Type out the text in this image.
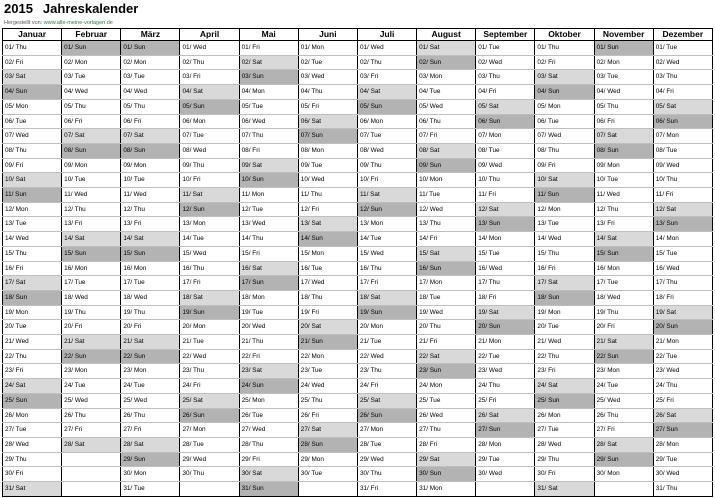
2015 Jahreskalender
Hergestellt von: www.alle-meine-vorlagen.de
Januar	Februar	März	April	Mai	Juni	Juli	August	September	Oktober	November	Dezember
01/ Thu	01/ Sun	01/ Sun	01/ Wed	01/ Fri	01/ Mon	01/ Wed	01/ Sat	01/ Tue	01/ Thu	01/ Sun	01/ Tue
02/ Fri	02/ Mon	02/ Mon	02/ Thu	02/ Sat	02/ Tue	02/ Thu	02/ Sun	02/ Wed	02/ Fri	02/ Mon	02/ Wed
03/ Sat	03/ Tue	03/ Tue	03/ Fri	03/ Sun	03/ Wed	03/ Fri	03/ Mon	03/ Thu	03/ Sat	03/ Tue	03/ Thu
04/ Sun	04/ Wed	04/ Wed	04/ Sat	04/ Mon	04/ Thu	04/ Sat	04/ Tue	04/ Fri	04/ Sun	04/ Wed	04/ Fri
05/ Mon	05/ Thu	05/ Thu	05/ Sun	05/ Tue	05/ Fri	05/ Sun	05/ Wed	05/ Sat	05/ Mon	05/ Thu	05/ Sat
06/ Tue	06/ Fri	06/ Fri	06/ Mon	06/ Wed	06/ Sat	06/ Mon	06/ Thu	06/ Sun	06/ Tue	06/ Fri	06/ Sun
07/ Wed	07/ Sat	07/ Sat	07/ Tue	07/ Thu	07/ Sun	07/ Tue	07/ Fri	07/ Mon	07/ Wed	07/ Sat	07/ Mon
08/ Thu	08/ Sun	08/ Sun	08/ Wed	08/ Fri	08/ Mon	08/ Wed	08/ Sat	08/ Tue	08/ Thu	08/ Sun	08/ Tue
09/ Fri	09/ Mon	09/ Mon	09/ Thu	09/ Sat	09/ Tue	09/ Thu	09/ Sun	09/ Wed	09/ Fri	09/ Mon	09/ Wed
10/ Sat	10/ Tue	10/ Tue	10/ Fri	10/ Sun	10/ Wed	10/ Fri	10/ Mon	10/ Thu	10/ Sat	10/ Tue	10/ Thu
11/ Sun	11/ Wed	11/ Wed	11/ Sat	11/ Mon	11/ Thu	11/ Sat	11/ Tue	11/ Fri	11/ Sun	11/ Wed	11/ Fri
12/ Mon	12/ Thu	12/ Thu	12/ Sun	12/ Tue	12/ Fri	12/ Sun	12/ Wed	12/ Sat	12/ Mon	12/ Thu	12/ Sat
13/ Tue	13/ Fri	13/ Fri	13/ Mon	13/ Wed	13/ Sat	13/ Mon	13/ Thu	13/ Sun	13/ Tue	13/ Fri	13/ Sun
14/ Wed	14/ Sat	14/ Sat	14/ Tue	14/ Thu	14/ Sun	14/ Tue	14/ Fri	14/ Mon	14/ Wed	14/ Sat	14/ Mon
15/ Thu	15/ Sun	15/ Sun	15/ Wed	15/ Fri	15/ Mon	15/ Wed	15/ Sat	15/ Tue	15/ Thu	15/ Sun	15/ Tue
16/ Fri	16/ Mon	16/ Mon	16/ Thu	16/ Sat	16/ Tue	16/ Thu	16/ Sun	16/ Wed	16/ Fri	16/ Mon	16/ Wed
17/ Sat	17/ Tue	17/ Tue	17/ Fri	17/ Sun	17/ Wed	17/ Fri	17/ Mon	17/ Thu	17/ Sat	17/ Tue	17/ Thu
18/ Sun	18/ Wed	18/ Wed	18/ Sat	18/ Mon	18/ Thu	18/ Sat	18/ Tue	18/ Fri	18/ Sun	18/ Wed	18/ Fri
19/ Mon	19/ Thu	19/ Thu	19/ Sun	19/ Tue	19/ Fri	19/ Sun	19/ Wed	19/ Sat	19/ Mon	19/ Thu	19/ Sat
20/ Tue	20/ Fri	20/ Fri	20/ Mon	20/ Wed	20/ Sat	20/ Mon	20/ Thu	20/ Sun	20/ Tue	20/ Fri	20/ Sun
21/ Wed	21/ Sat	21/ Sat	21/ Tue	21/ Thu	21/ Sun	21/ Tue	21/ Fri	21/ Mon	21/ Wed	21/ Sat	21/ Mon
22/ Thu	22/ Sun	22/ Sun	22/ Wed	22/ Fri	22/ Mon	22/ Wed	22/ Sat	22/ Tue	22/ Thu	22/ Sun	22/ Tue
23/ Fri	23/ Mon	23/ Mon	23/ Thu	23/ Sat	23/ Tue	23/ Thu	23/ Sun	23/ Wed	23/ Fri	23/ Mon	23/ Wed
24/ Sat	24/ Tue	24/ Tue	24/ Fri	24/ Sun	24/ Wed	24/ Fri	24/ Mon	24/ Thu	24/ Sat	24/ Tue	24/ Thu
25/ Sun	25/ Wed	25/ Wed	25/ Sat	25/ Mon	25/ Thu	25/ Sat	25/ Tue	25/ Fri	25/ Sun	25/ Wed	25/ Fri
26/ Mon	26/ Thu	26/ Thu	26/ Sun	26/ Tue	26/ Fri	26/ Sun	26/ Wed	26/ Sat	26/ Mon	26/ Thu	26/ Sat
27/ Tue	27/ Fri	27/ Fri	27/ Mon	27/ Wed	27/ Sat	27/ Mon	27/ Thu	27/ Sun	27/ Tue	27/ Fri	27/ Sun
28/ Wed	28/ Sat	28/ Sat	28/ Tue	28/ Thu	28/ Sun	28/ Tue	28/ Fri	28/ Mon	28/ Wed	28/ Sat	28/ Mon
29/ Thu		29/ Sun	29/ Wed	29/ Fri	29/ Mon	29/ Wed	29/ Sat	29/ Tue	29/ Thu	29/ Sun	29/ Tue
30/ Fri		30/ Mon	30/ Thu	30/ Sat	30/ Tue	30/ Thu	30/ Sun	30/ Wed	30/ Fri	30/ Mon	30/ Wed
31/ Sat		31/ Tue		31/ Sun		31/ Fri	31/ Mon		31/ Sat		31/ Thu
